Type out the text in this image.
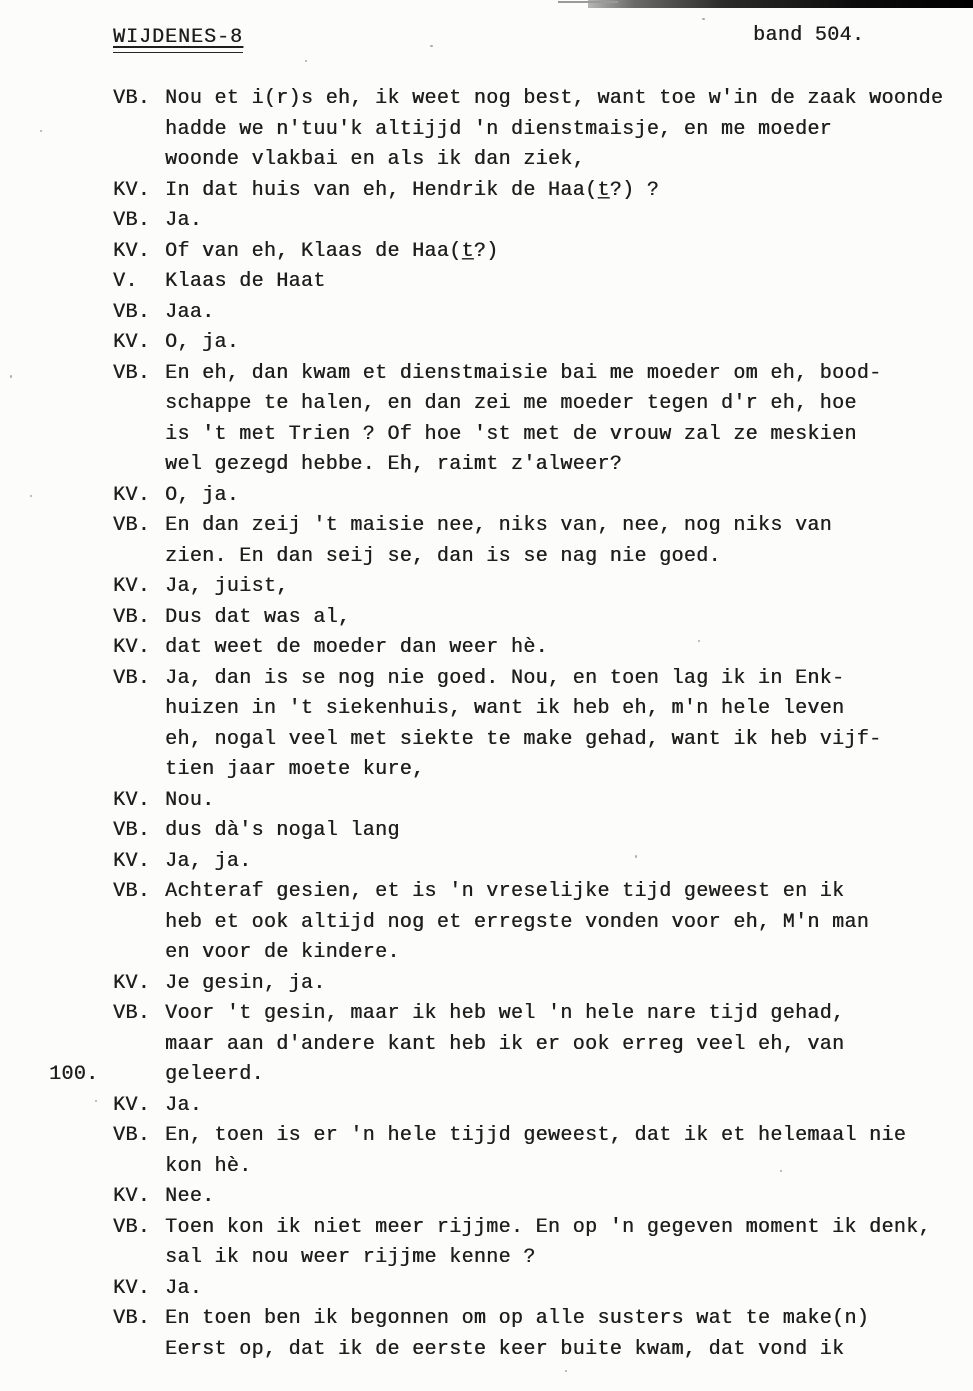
WIJDENES-8	band 504.
VB. Nou et i(r)s eh, ik weet nog best, want toe w'in de zaak woonde
hadde we n'tuu'k altijjd 'n dienstmaisje, en me moeder
woonde vlakbai en als ik dan ziek,
KV. In dat huis van eh, Hendrik de Haa(t̲?) ?
VB. Ja.
KV. Of van eh, Klaas de Haa(t̲?)
V. Klaas de Haat
VB. Jaa.
KV. O, ja.
VB. En eh, dan kwam et dienstmaisie bai me moeder om eh, bood-
schappe te halen, en dan zei me moeder tegen d'r eh, hoe
is 't met Trien ? Of hoe 'st met de vrouw zal ze meskien
wel gezegd hebbe. Eh, raimt z'alweer?
KV. O, ja.
VB. En dan zeij 't maisie nee, niks van, nee, nog niks van
zien. En dan seij se, dan is se nag nie goed.
KV. Ja, juist,
VB. Dus dat was al,
KV. dat weet de moeder dan weer hè.
VB. Ja, dan is se nog nie goed. Nou, en toen lag ik in Enk-
huizen in 't siekenhuis, want ik heb eh, m'n hele leven
eh, nogal veel met siekte te make gehad, want ik heb vijf-
tien jaar moete kure,
KV. Nou.
VB. dus dà's nogal lang
KV. Ja, ja.
VB. Achteraf gesien, et is 'n vreselijke tijd geweest en ik
heb et ook altijd nog et erregste vonden voor eh, M'n man
en voor de kindere.
KV. Je gesin, ja.
VB. Voor 't gesin, maar ik heb wel 'n hele nare tijd gehad,
maar aan d'andere kant heb ik er ook erreg veel eh, van
100.	geleerd.
KV. Ja.
VB. En, toen is er 'n hele tijjd geweest, dat ik et helemaal nie
kon hè.
KV. Nee.
VB. Toen kon ik niet meer rijjme. En op 'n gegeven moment ik denk,
sal ik nou weer rijjme kenne ?
KV. Ja.
VB. En toen ben ik begonnen om op alle susters wat te make(n)
Eerst op, dat ik de eerste keer buite kwam, dat vond ik
